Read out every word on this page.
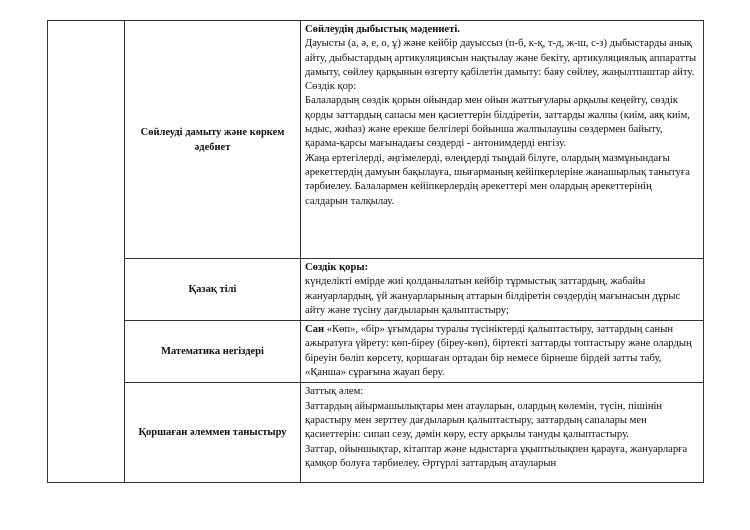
	Сөйлеуді дамыту және көркем әдебиет	Сөйлеудің дыбыстық мәдениеті.

Дауысты (а, ә, е, о, ұ) және кейбір дауыссыз (п-б, к-қ, т-д, ж-ш, с-з) дыбыстарды анық айту, дыбыстардың артикуляциясын нақтылау және бекіту, артикуляциялық аппаратты дамыту, сөйлеу қарқынын өзгерту қабілетін дамыту: баяу сөйлеу, жаңылтпаштар айту.

Сөздік қор:

Балалардың сөздік қорын ойындар мен ойын жаттығулары арқылы кеңейту, сөздік қорды заттардың сапасы мен қасиеттерін білдіретін, заттарды жалпы (киім, аяқ киім, ыдыс, жиһаз) және ерекше белгілері бойынша жалпылаушы сөздермен байыту, қарама-қарсы мағынадағы сөздерді - антонимдерді енгізу.

Жаңа ертегілерді, әңгімелерді, өлеңдерді тыңдай білуге, олардың мазмұнындағы әрекеттердің дамуын бақылауға, шығарманың кейіпкерлеріне жанашырлық танытуға тәрбиелеу. Балалармен кейіпкерлердің әрекеттері мен олардың әрекеттерінің салдарын талқылау.

	Қазақ тілі	Сөздік қоры:

күнделікті өмірде жиі қолданылатын кейбір тұрмыстық заттардың, жабайы жануарлардың, үй жануарларының аттарын білдіретін сөздердің мағынасын дұрыс айту және түсіну дағдыларын қалыптастыру;

	Математика негіздері	Сан «Көп», «бір» ұғымдары туралы түсініктерді қалыптастыру, заттардың санын ажыратуға үйрету: көп-біреу (біреу-көп), біртекті заттарды топтастыру және олардың біреуін бөліп көрсету, қоршаған ортадан бір немесе бірнеше бірдей затты табу, «Қанша» сұрағына жауап беру.

	Қоршаған әлеммен таныстыру	Заттық әлем:

Заттардың айырмашылықтары мен атауларын, олардың көлемін, түсін, пішінін қарастыру мен зерттеу дағдыларын қалыптастыру, заттардың сапалары мен қасиеттерін: сипап сезу, дәмін көру, есту арқылы тануды қалыптастыру.

Заттар, ойыншықтар, кітаптар және ыдыстарға ұқыптылықпен қарауға, жануарларға қамқор болуға тәрбиелеу. Әртүрлі заттардың атауларын
